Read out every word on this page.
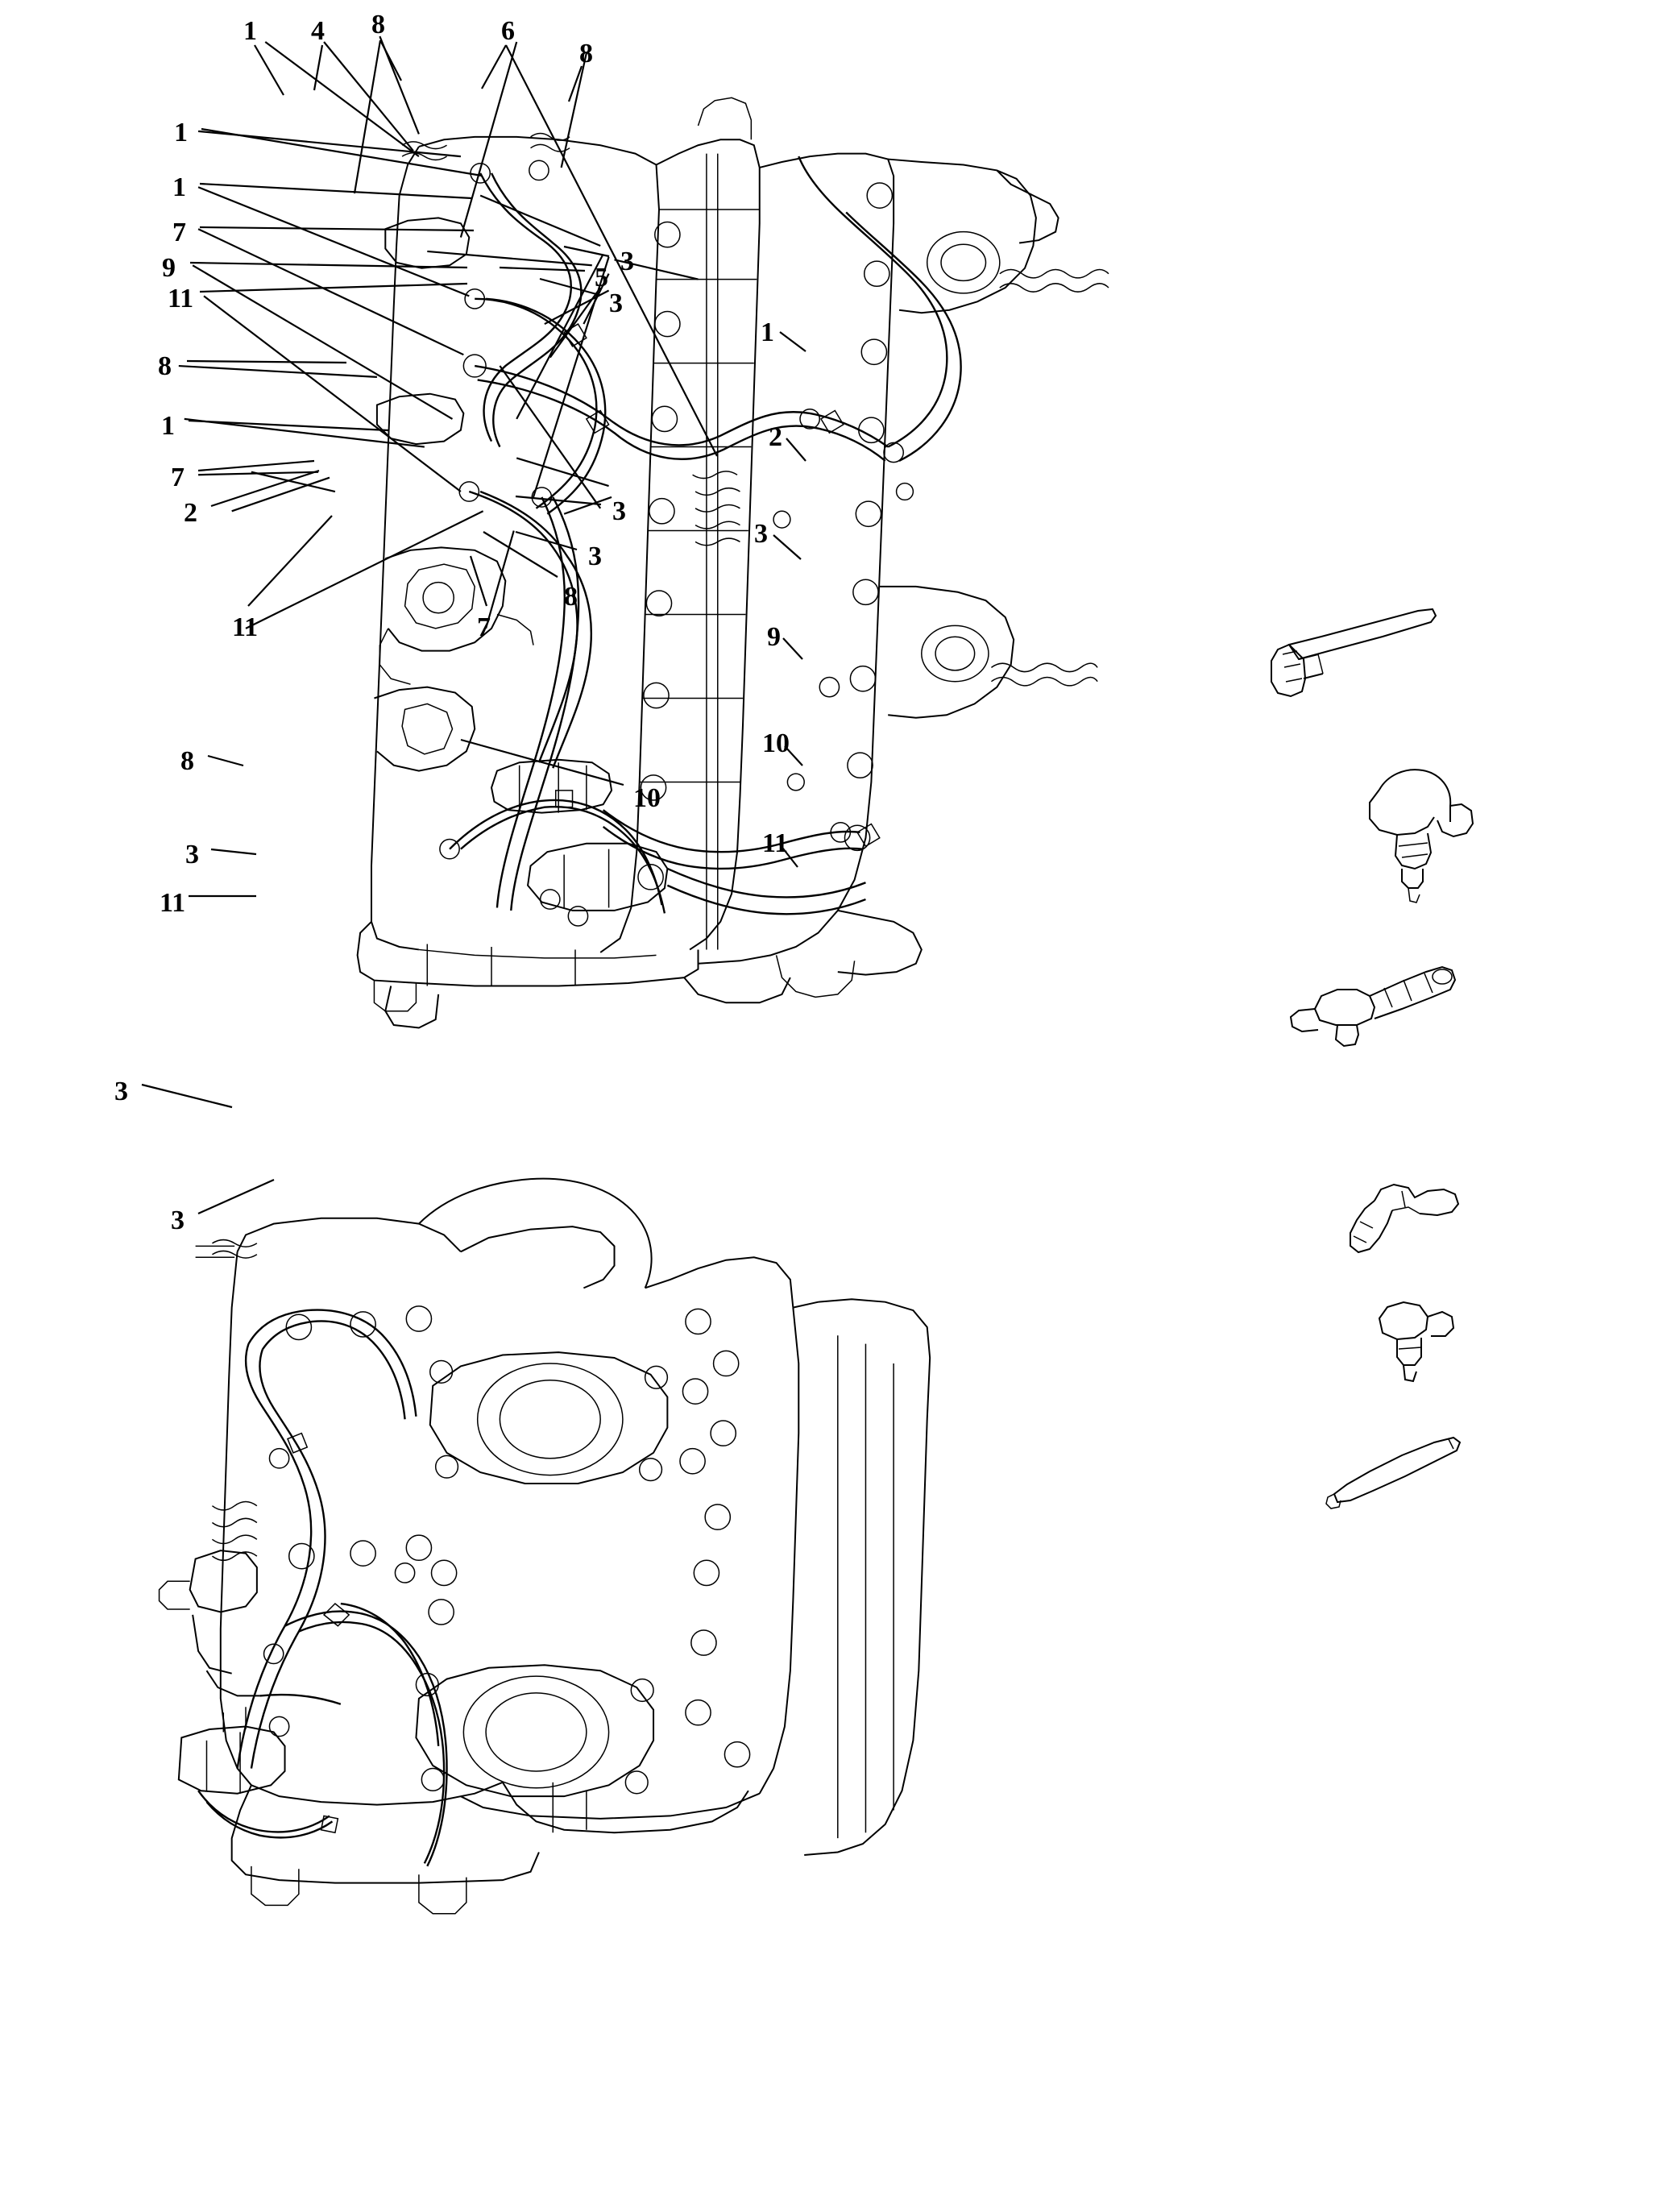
1 4 8	6
8
1
1
7
9
11
3
5
3
8
1
7
2	3
3
8
11	7
8
10
3
11
3
3
1
2
3
9
10
11
